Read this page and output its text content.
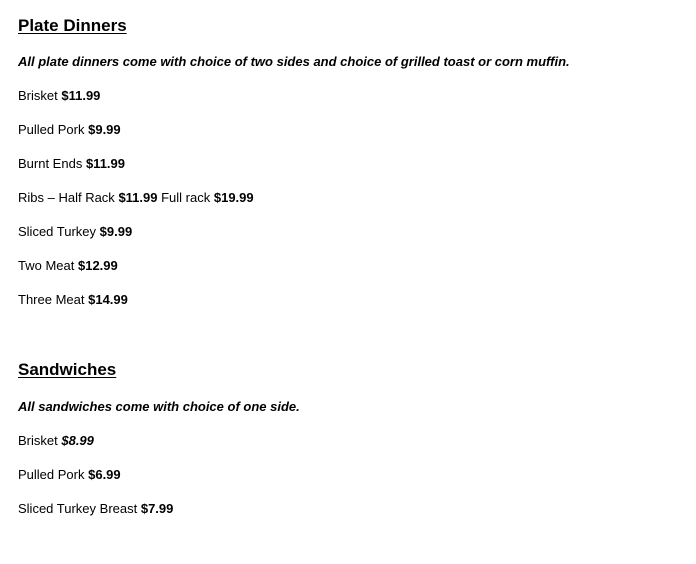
Plate Dinners
All plate dinners come with choice of two sides and choice of grilled toast or corn muffin.
Brisket $11.99
Pulled Pork $9.99
Burnt Ends $11.99
Ribs – Half Rack $11.99 Full rack $19.99
Sliced Turkey $9.99
Two Meat $12.99
Three Meat $14.99
Sandwiches
All sandwiches come with choice of one side.
Brisket $8.99
Pulled Pork $6.99
Sliced Turkey Breast $7.99
